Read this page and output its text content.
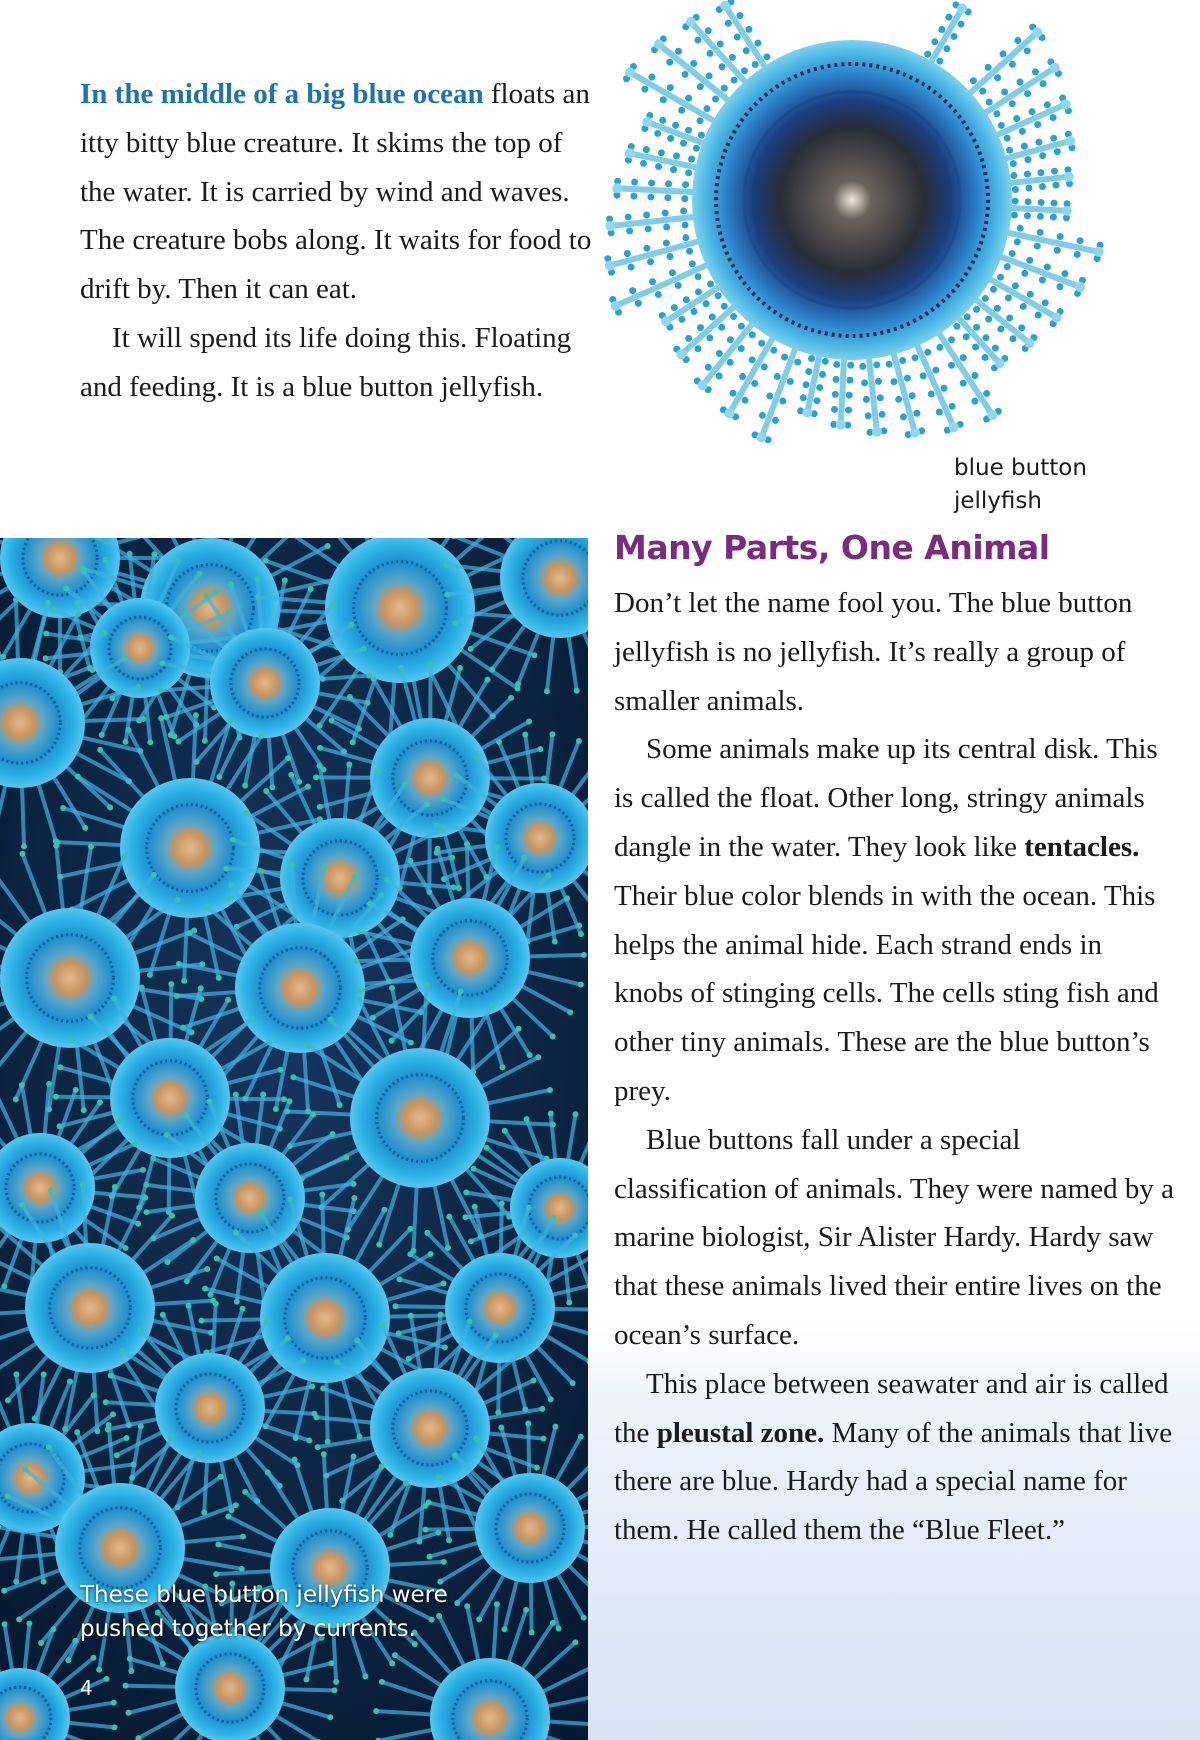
In the middle of a big blue ocean floats an itty bitty blue creature. It skims the top of the water. It is carried by wind and waves. The creature bobs along. It waits for food to drift by. Then it can eat.

It will spend its life doing this. Floating and feeding. It is a blue button jellyfish.

blue button
jellyfish
These blue button jellyfish were
pushed together by currents.
4
Many Parts, One Animal

Don’t let the name fool you. The blue button jellyfish is no jellyfish. It’s really a group of smaller animals.

Some animals make up its central disk. This is called the float. Other long, stringy animals dangle in the water. They look like tentacles. Their blue color blends in with the ocean. This helps the animal hide. Each strand ends in knobs of stinging cells. The cells sting fish and other tiny animals. These are the blue button’s prey.

Blue buttons fall under a special classification of animals. They were named by a marine biologist, Sir Alister Hardy. Hardy saw that these animals lived their entire lives on the ocean’s surface.

This place between seawater and air is called the pleustal zone. Many of the animals that live there are blue. Hardy had a special name for them. He called them the “Blue Fleet.”
